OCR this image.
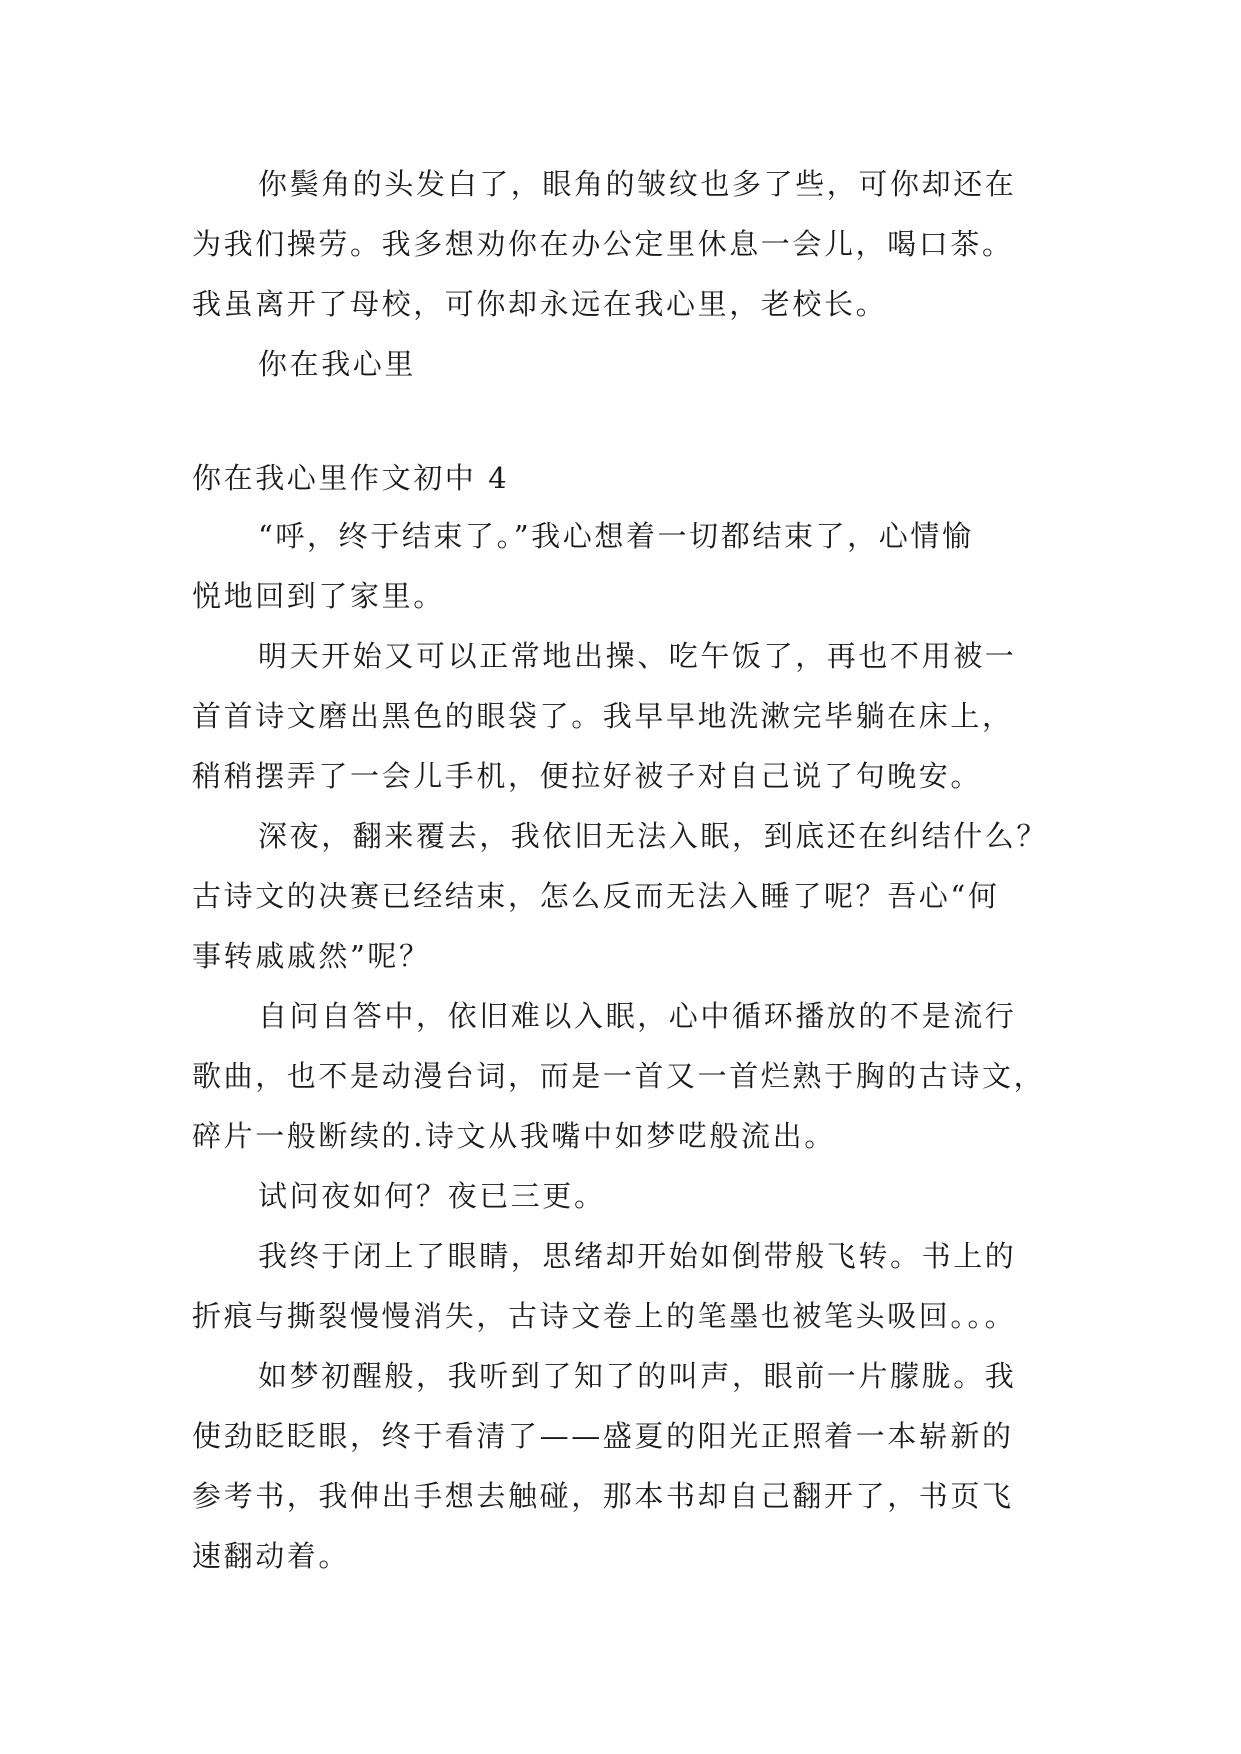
你鬓角的头发白了，眼角的皱纹也多了些，可你却还在

为我们操劳。我多想劝你在办公定里休息一会儿，喝口茶。

我虽离开了母校，可你却永远在我心里，老校长。

你在我心里

你在我心里作文初中 4

“呼，终于结束了。”我心想着一切都结束了，心情愉

悦地回到了家里。

明天开始又可以正常地出操、吃午饭了，再也不用被一

首首诗文磨出黑色的眼袋了。我早早地洗漱完毕躺在床上，

稍稍摆弄了一会儿手机，便拉好被子对自己说了句晚安。

深夜，翻来覆去，我依旧无法入眠，到底还在纠结什么？

古诗文的决赛已经结束，怎么反而无法入睡了呢？吾心“何

事转戚戚然”呢？

自问自答中，依旧难以入眠，心中循环播放的不是流行

歌曲，也不是动漫台词，而是一首又一首烂熟于胸的古诗文，

碎片一般断续的.诗文从我嘴中如梦呓般流出。

试问夜如何？夜已三更。

我终于闭上了眼睛，思绪却开始如倒带般飞转。书上的

折痕与撕裂慢慢消失，古诗文卷上的笔墨也被笔头吸回。。。

如梦初醒般，我听到了知了的叫声，眼前一片朦胧。我

使劲眨眨眼，终于看清了——盛夏的阳光正照着一本崭新的

参考书，我伸出手想去触碰，那本书却自己翻开了，书页飞

速翻动着。
